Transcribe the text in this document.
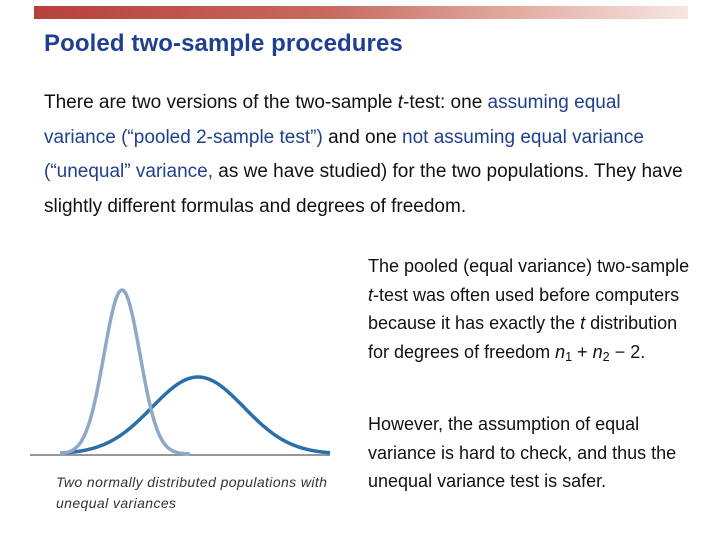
Pooled two-sample procedures

There are two versions of the two-sample t-test: one assuming equal variance (“pooled 2-sample test”) and one not assuming equal variance (“unequal” variance, as we have studied) for the two populations. They have slightly different formulas and degrees of freedom.

Two normally distributed populations with unequal variances

The pooled (equal variance) two-sample t-test was often used before computers because it has exactly the t distribution for degrees of freedom $n_1 + n_2 - 2$.

However, the assumption of equal variance is hard to check, and thus the unequal variance test is safer.
